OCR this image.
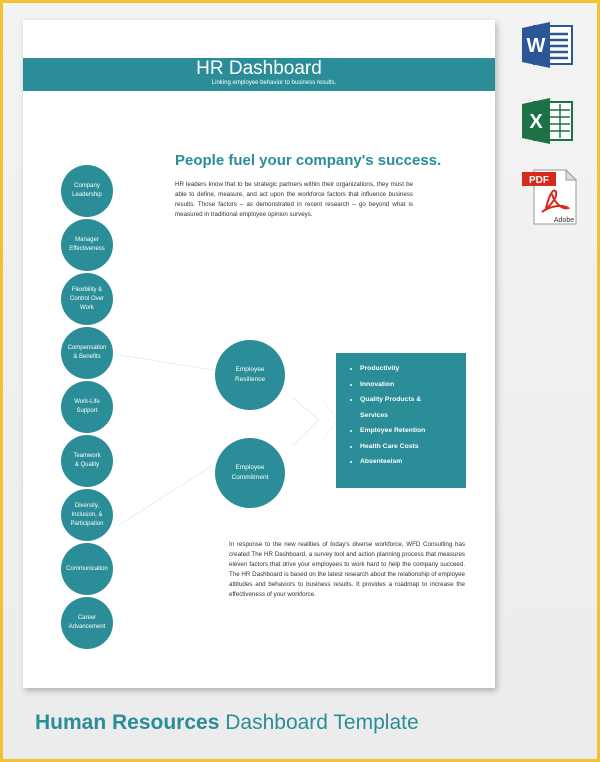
HR Dashboard
Linking employee behavior to business results.
People fuel your company's success.
HR leaders know that to be strategic partners within their organizations, they must be able to define, measure, and act upon the workforce factors that influence business results. Those factors – as demonstrated in recent research – go beyond what is measured in traditional employee opinion surveys.
Company
Leadership
Manager
Effectiveness
Flexibility &
Control Over
Work
Compensation
& Benefits
Work-Life
Support
Teamwork
& Quality
Diversity,
Inclusion, &
Participation
Communication
Career
Advancement
Employee
Resilience
Employee
Commitment
• Productivity
• Innovation
• Quality Products &
Services
• Employee Retention
• Health Care Costs
• Absenteeism
In response to the new realities of today's diverse workforce, WFD Consulting has created The HR Dashboard, a survey tool and action planning process that measures eleven factors that drive your employees to work hard to help the company succeed. The HR Dashboard is based on the latest research about the relationship of employee attitudes and behaviors to business results. It provides a roadmap to increase the effectiveness of your workforce.
W
X
PDF
Adobe
Human Resources Dashboard Template
